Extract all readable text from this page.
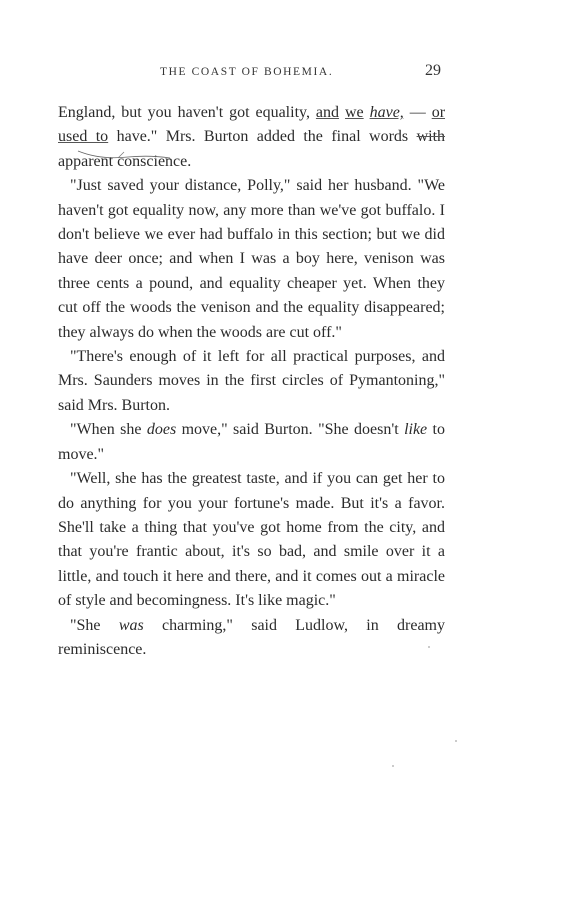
THE COAST OF BOHEMIA.	29

England, but you haven't got equality, and we have, — or used to have." Mrs. Burton added the final words with apparent conscience.

"Just saved your distance, Polly," said her husband. "We haven't got equality now, any more than we've got buffalo. I don't believe we ever had buffalo in this section; but we did have deer once; and when I was a boy here, venison was three cents a pound, and equality cheaper yet. When they cut off the woods the venison and the equality disappeared; they always do when the woods are cut off."

"There's enough of it left for all practical purposes, and Mrs. Saunders moves in the first circles of Pymantoning," said Mrs. Burton.

"When she does move," said Burton. "She doesn't like to move."

"Well, she has the greatest taste, and if you can get her to do anything for you your fortune's made. But it's a favor. She'll take a thing that you've got home from the city, and that you're frantic about, it's so bad, and smile over it a little, and touch it here and there, and it comes out a miracle of style and becomingness. It's like magic."

"She was charming," said Ludlow, in dreamy reminiscence.
